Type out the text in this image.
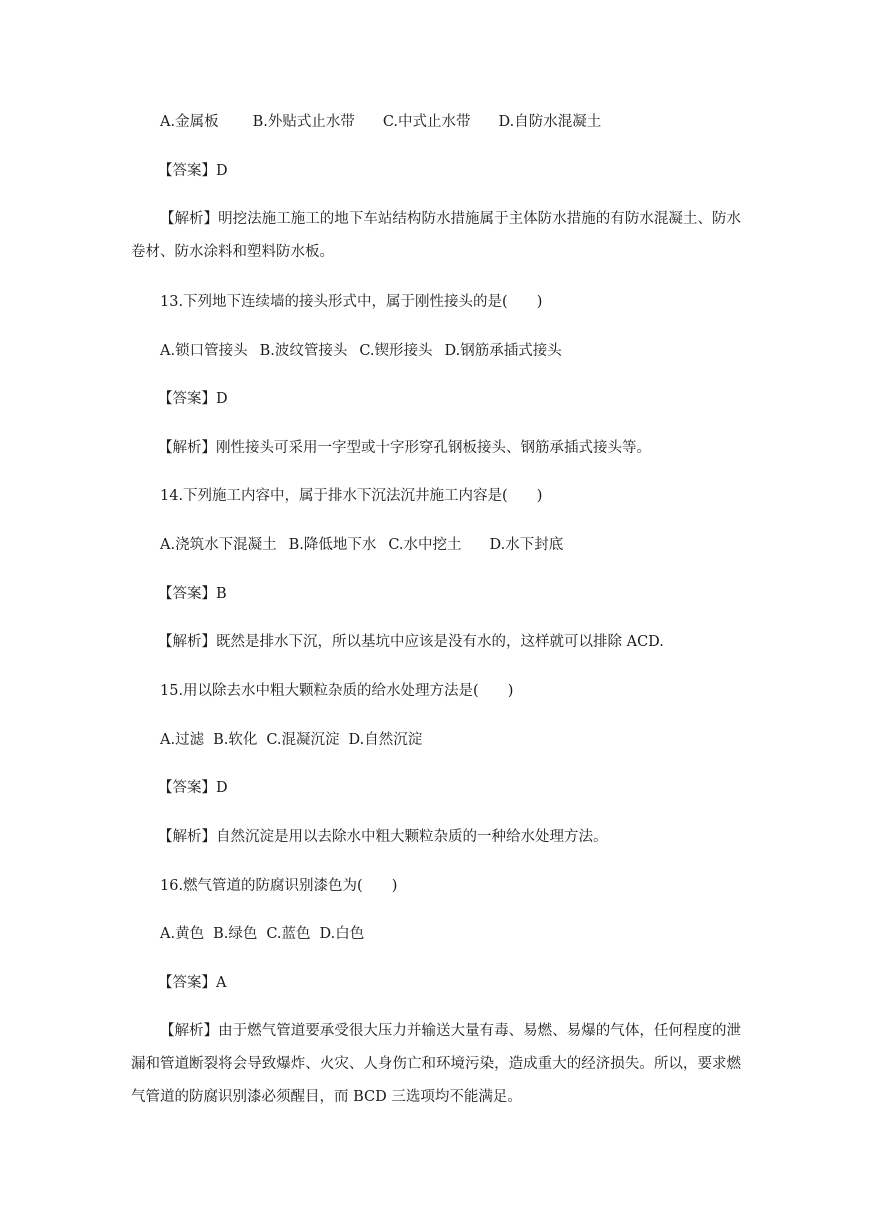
A.金属板 B.外贴式止水带 C.中式止水带 D.自防水混凝土
【答案】D
【解析】明挖法施工施工的地下车站结构防水措施属于主体防水措施的有防水混凝土、防水卷材、防水涂料和塑料防水板。
13.下列地下连续墙的接头形式中，属于刚性接头的是(　　)
A.锁口管接头 B.波纹管接头 C.锲形接头 D.钢筋承插式接头
【答案】D
【解析】刚性接头可采用一字型或十字形穿孔钢板接头、钢筋承插式接头等。
14.下列施工内容中，属于排水下沉法沉井施工内容是(　　)
A.浇筑水下混凝土 B.降低地下水 C.水中挖土 D.水下封底
【答案】B
【解析】既然是排水下沉，所以基坑中应该是没有水的，这样就可以排除 ACD.
15.用以除去水中粗大颗粒杂质的给水处理方法是(　　)
A.过滤 B.软化 C.混凝沉淀 D.自然沉淀
【答案】D
【解析】自然沉淀是用以去除水中粗大颗粒杂质的一种给水处理方法。
16.燃气管道的防腐识别漆色为(　　)
A.黄色 B.绿色 C.蓝色 D.白色
【答案】A
【解析】由于燃气管道要承受很大压力并输送大量有毒、易燃、易爆的气体，任何程度的泄漏和管道断裂将会导致爆炸、火灾、人身伤亡和环境污染，造成重大的经济损失。所以，要求燃气管道的防腐识别漆必须醒目，而 BCD 三选项均不能满足。
